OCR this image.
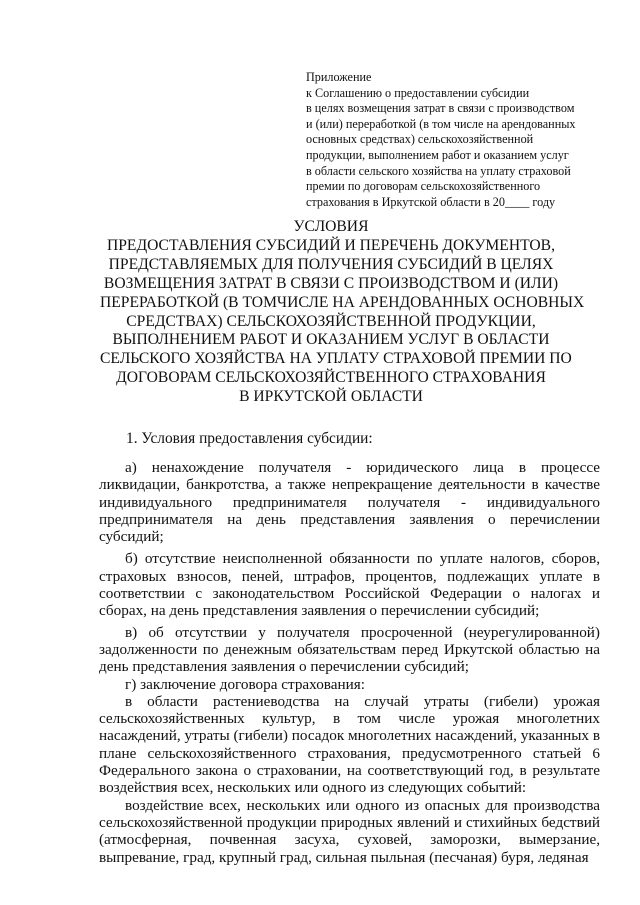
Приложение
к Соглашению о предоставлении субсидии
в целях возмещения затрат в связи с производством
и (или) переработкой (в том числе на арендованных
основных средствах) сельскохозяйственной
продукции, выполнением работ и оказанием услуг
в области сельского хозяйства на уплату страховой
премии по договорам сельскохозяйственного
страхования в Иркутской области в 20____ году
УСЛОВИЯ
ПРЕДОСТАВЛЕНИЯ СУБСИДИЙ И ПЕРЕЧЕНЬ ДОКУМЕНТОВ,
ПРЕДСТАВЛЯЕМЫХ ДЛЯ ПОЛУЧЕНИЯ СУБСИДИЙ В ЦЕЛЯХ
ВОЗМЕЩЕНИЯ ЗАТРАТ В СВЯЗИ С ПРОИЗВОДСТВОМ И (ИЛИ)
ПЕРЕРАБОТКОЙ (В ТОМЧИСЛЕ НА АРЕНДОВАННЫХ ОСНОВНЫХ
СРЕДСТВАХ) СЕЛЬСКОХОЗЯЙСТВЕННОЙ ПРОДУКЦИИ,
ВЫПОЛНЕНИЕМ РАБОТ И ОКАЗАНИЕМ УСЛУГ В ОБЛАСТИ
СЕЛЬСКОГО ХОЗЯЙСТВА НА УПЛАТУ СТРАХОВОЙ ПРЕМИИ ПО
ДОГОВОРАМ СЕЛЬСКОХОЗЯЙСТВЕННОГО СТРАХОВАНИЯ
В ИРКУТСКОЙ ОБЛАСТИ
1. Условия предоставления субсидии:

а) ненахождение получателя - юридического лица в процессе ликвидации, банкротства, а также непрекращение деятельности в качестве индивидуального предпринимателя получателя - индивидуального предпринимателя на день представления заявления о перечислении субсидий;

б) отсутствие неисполненной обязанности по уплате налогов, сборов, страховых взносов, пеней, штрафов, процентов, подлежащих уплате в соответствии с законодательством Российской Федерации о налогах и сборах, на день представления заявления о перечислении субсидий;

в) об отсутствии у получателя просроченной (неурегулированной) задолженности по денежным обязательствам перед Иркутской областью на день представления заявления о перечислении субсидий;

г) заключение договора страхования:

в области растениеводства на случай утраты (гибели) урожая сельскохозяйственных культур, в том числе урожая многолетних насаждений, утраты (гибели) посадок многолетних насаждений, указанных в плане сельскохозяйственного страхования, предусмотренного статьей 6 Федерального закона о страховании, на соответствующий год, в результате воздействия всех, нескольких или одного из следующих событий:

воздействие всех, нескольких или одного из опасных для производства сельскохозяйственной продукции природных явлений и стихийных бедствий (атмосферная, почвенная засуха, суховей, заморозки, вымерзание, выпревание, град, крупный град, сильная пыльная (песчаная) буря, ледяная
